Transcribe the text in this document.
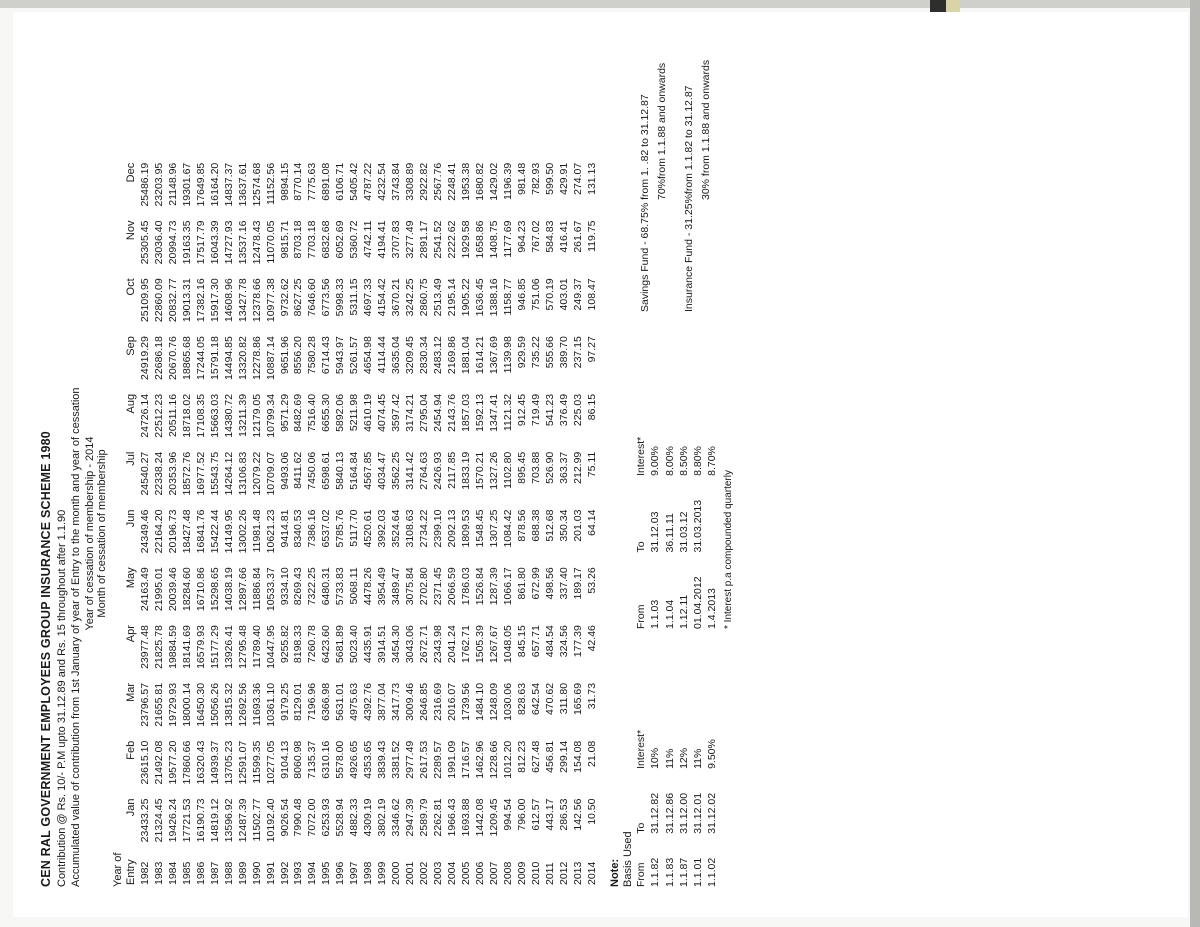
CEN RAL GOVERNMENT EMPLOYEES GROUP INSURANCE SCHEME 1980 Contribution @ Rs. 10/- P.M upto 31.12.89 and Rs. 15 throughout after 1.1.90 Accumulated value of contribution from 1st January of year of Entry to the month and year of cessation Year of cessation of membership - 2014 Month of cessation of membership
Year of Entry	Jan	Feb	Mar	Apr	May	Jun	Jul	Aug	Sep	Oct	Nov	Dec
1982	23433.25	23615.10	23796.57	23977.48	24163.49	24349.46	24540.27	24726.14	24919.29	25109.95	25305.45	25486.19
1983	21324.45	21492.08	21655.81	21825.78	21995.01	22164.20	22338.24	22512.23	22686.18	22860.09	23036.40	23203.95
1984	19426.24	19577.20	19729.93	19884.59	20039.46	20196.73	20353.96	20511.16	20670.76	20832.77	20994.73	21148.96
1985	17721.53	17860.66	18000.14	18141.69	18284.60	18427.48	18572.76	18718.02	18865.68	19013.31	19163.35	19301.67
1986	16190.73	16320.43	16450.30	16579.93	16710.86	16841.76	16977.52	17108.35	17244.05	17382.16	17517.79	17649.85
1987	14819.12	14939.37	15056.26	15177.29	15298.65	15422.44	15543.75	15663.03	15791.18	15917.30	16043.39	16164.20
1988	13596.92	13705.23	13815.32	13926.41	14038.19	14149.95	14264.12	14380.72	14494.85	14608.96	14727.93	14837.37
1989	12487.39	12591.07	12692.56	12795.48	12897.66	13002.26	13106.83	13211.39	13320.82	13427.78	13537.16	13637.61
1990	11502.77	11599.35	11693.36	11789.40	11886.84	11981.48	12079.22	12179.05	12278.86	12378.66	12478.43	12574.68
1991	10192.40	10277.05	10361.10	10447.95	10533.37	10621.23	10709.07	10799.34	10887.14	10977.38	11070.05	11152.56
1992	9026.54	9104.13	9179.25	9255.82	9334.10	9414.81	9493.06	9571.29	9651.96	9732.62	9815.71	9894.15
1993	7990.48	8060.98	8129.01	8198.33	8269.43	8340.53	8411.62	8482.69	8556.20	8627.25	8703.18	8770.14
1994	7072.00	7135.37	7196.96	7260.78	7322.25	7386.16	7450.06	7516.40	7580.28	7646.60	7703.18	7775.63
1995	6253.93	6310.16	6366.98	6423.60	6480.31	6537.02	6598.61	6655.30	6714.43	6773.56	6832.68	6891.08
1996	5528.94	5578.00	5631.01	5681.89	5733.83	5785.76	5840.13	5892.06	5943.97	5998.33	6052.69	6106.71
1997	4882.33	4926.65	4975.63	5023.40	5068.11	5117.70	5164.84	5211.98	5261.57	5311.15	5360.72	5405.42
1998	4309.19	4353.65	4392.76	4435.91	4478.26	4520.61	4567.85	4610.19	4654.98	4697.33	4742.11	4787.22
1999	3802.19	3839.43	3877.04	3914.51	3954.49	3992.03	4034.47	4074.45	4114.44	4154.42	4194.41	4232.54
2000	3346.62	3381.52	3417.73	3454.30	3489.47	3524.64	3562.25	3597.42	3635.04	3670.21	3707.83	3743.84
2001	2947.39	2977.49	3009.46	3043.06	3075.84	3108.63	3141.42	3174.21	3209.45	3242.25	3277.49	3308.89
2002	2589.79	2617.53	2646.85	2672.71	2702.80	2734.22	2764.63	2795.04	2830.34	2860.75	2891.17	2922.82
2003	2262.81	2289.57	2316.69	2343.98	2371.45	2399.10	2426.93	2454.94	2483.12	2513.49	2541.52	2567.76
2004	1966.43	1991.09	2016.07	2041.24	2066.59	2092.13	2117.85	2143.76	2169.86	2195.14	2222.62	2248.41
2005	1693.88	1716.57	1739.56	1762.71	1786.03	1809.53	1833.19	1857.03	1881.04	1905.22	1929.58	1953.38
2006	1442.08	1462.96	1484.10	1505.39	1526.84	1548.45	1570.21	1592.13	1614.21	1636.45	1658.86	1680.82
2007	1209.45	1228.66	1248.09	1267.67	1287.39	1307.25	1327.26	1347.41	1367.69	1388.16	1408.75	1429.02
2008	994.54	1012.20	1030.06	1048.05	1066.17	1084.42	1102.80	1121.32	1139.98	1158.77	1177.69	1196.39
2009	796.00	812.23	828.63	845.15	861.80	878.56	895.45	912.45	929.59	946.85	964.23	981.48
2010	612.57	627.48	642.54	657.71	672.99	688.38	703.88	719.49	735.22	751.06	767.02	782.93
2011	443.17	456.81	470.62	484.54	498.56	512.68	526.90	541.23	555.66	570.19	584.83	599.50
2012	286.53	299.14	311.80	324.56	337.40	350.34	363.37	376.49	389.70	403.01	416.41	429.91
2013	142.56	154.08	165.69	177.39	189.17	201.03	212.99	225.03	237.15	249.37	261.67	274.07
2014	10.50	21.08	31.73	42.46	53.26	64.14	75.11	86.15	97.27	108.47	119.75	131.13
Note: Basis Used From	To	Interest*
1.1.82	31.12.82	10%
1.1.83	31.12.86	11%
1.1.87	31.12.00	12%
1.1.01	31.12.01	11%
1.1.02	31.12.02	9.50%
From	To	Interest*
1.1.03	31.12.03	9.00%
1.1.04	36.11.11	8.00%
1.12.11	31.03.12	8.50%
01.04.2012	31.03.2013	8.80%
1.4.2013		8.70%
* Interest p.a compounded quarterly
Savings Fund - 68.75% from 1. .82 to 31.12.87 70%from 1.1.88 and onwards
Insurance Fund - 31.25%from 1.1.82 to 31.12.87 30% from 1.1.88 and onwards
